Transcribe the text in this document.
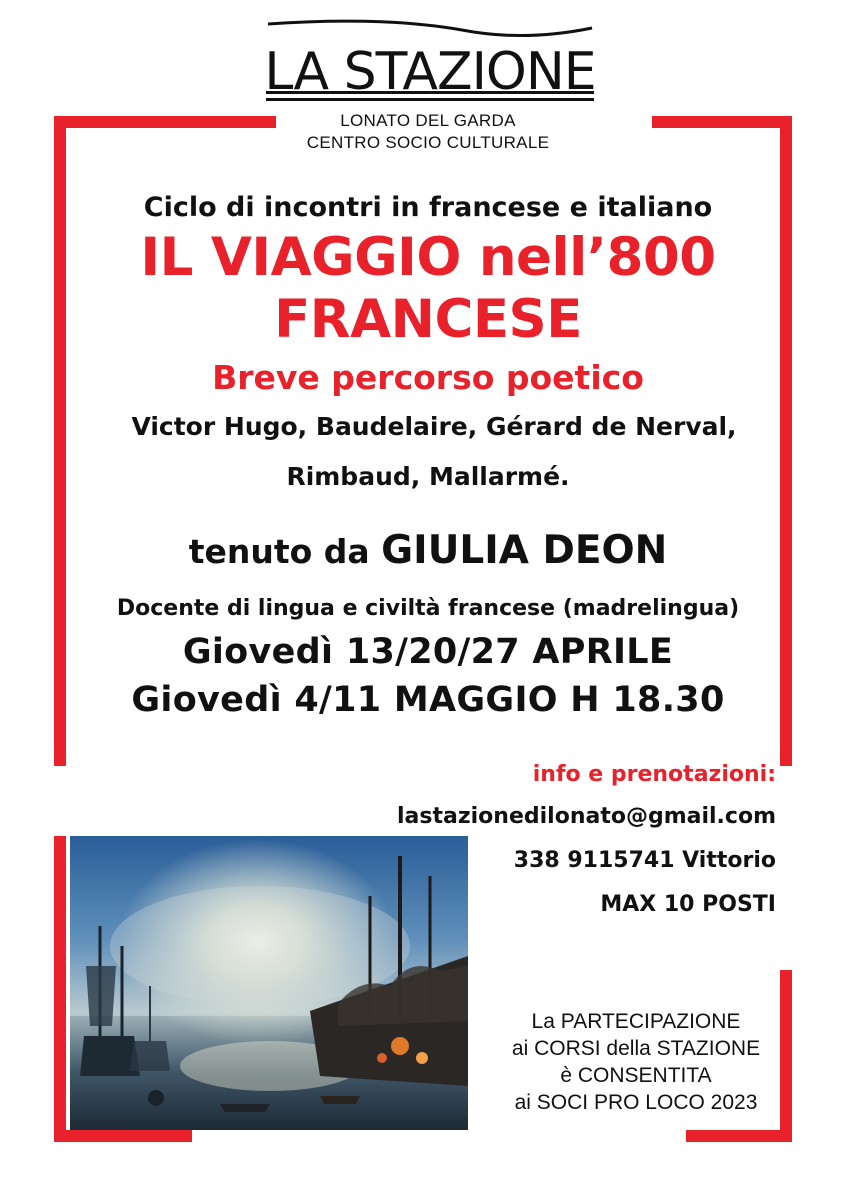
LA STAZIONE
LONATO DEL GARDA
CENTRO SOCIO CULTURALE
Ciclo di incontri in francese e italiano
IL VIAGGIO nell’800
FRANCESE
Breve percorso poetico
Victor Hugo, Baudelaire, Gérard de Nerval,
Rimbaud, Mallarmé.
tenuto da GIULIA DEON
Docente di lingua e civiltà francese (madrelingua)
Giovedì 13/20/27 APRILE
Giovedì 4/11 MAGGIO H 18.30
info e prenotazioni:
lastazionedilonato@gmail.com
338 9115741 Vittorio
MAX 10 POSTI
La PARTECIPAZIONE
ai CORSI della STAZIONE
è CONSENTITA
ai SOCI PRO LOCO 2023
